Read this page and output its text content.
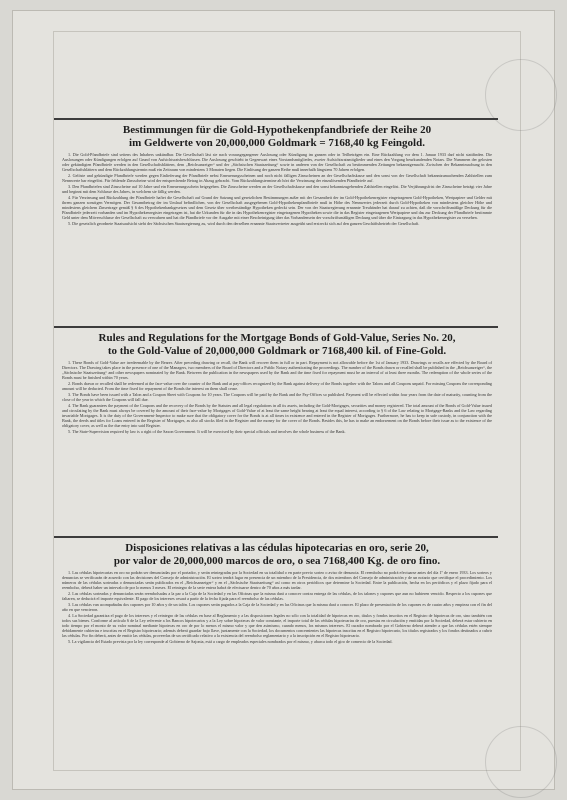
Bestimmungen für die Gold-Hypothekenpfandbriefe der Reihe 20
im Geldwerte von 20,000,000 Goldmark = 7168,40 kg Feingold.

1. Die Gold-Pfandbriefe sind seitens des Inhabers unkündbar. Die Gesellschaft läst sie nach vorausgegangener Auslosung oder Kündigung im ganzen oder in Teilbeträgen ein. Eine Rückzahlung vor dem 1. Januar 1933 darf nicht stattfinden. Die Auslosungen oder Kündigungen erfolgen auf Grund von Aufsichtsratsbeschlüssen. Die Auslosung geschieht in Gegenwart eines Vorstandsmitgliedes, zweier Aufsichtsratsmitglieder und eines den Vorgang beurkundenden Notars. Die Nummern der gelosten oder gekündigten Pfandbriefe werden in den Gesellschaftsblättern, dem „Reichsanzeiger“ und der „Sächsischen Staatszeitung“ sowie in anderen von der Gesellschaft zu bestimmenden Zeitungen bekanntgemacht. Zwischen der Bekanntmachung in den Gesellschaftsblättern und dem Rückzahlungstermin muß ein Zeitraum von mindestens 3 Monaten liegen. Die Einlösung der ganzen Reihe muß innerhalb längstens 70 Jahren erfolgen.

2. Gelöste und gekündigte Pfandbriefe werden gegen Einlieferung der Pfandbriefe nebst Erneuerungsscheinen und noch nicht fälligen Zinsscheinen an der Gesellschaftskasse und den sonst von der Gesellschaft bekanntzumachenden Zahlstellen zum Nennwerte bar eingelöst. Für fehlende Zinsscheine wird der entsprechende Betrag in Abzug gebracht. Vom Rückzahlungstermine ab hört die Verzinsung der einzulösenden Pfandbriefe auf.

3. Den Pfandbriefen sind Zinsscheine auf 10 Jahre und ein Erneuerungsschein beigegeben. Die Zinsscheine werden an der Gesellschaftskasse und den sonst bekanntzugebenden Zahlstellen eingelöst. Die Verjährungsfrist der Zinsscheine beträgt vier Jahre und beginnt mit dem Schlusse des Jahres, in welchem sie fällig werden.

4. Für Verzinsung und Rückzahlung der Pfandbriefe haftet die Gesellschaft auf Grund der Satzung und gesetzlichen Bestimmungen außer mit der Gesamtheit der im Gold-Hypothekenregister eingetragenen Gold-Hypotheken, Wertpapiere und Gelder mit ihrem ganzen sonstigen Vermögen. Der Gesamtbetrag der im Umlauf befindlichen, von der Gesellschaft ausgegebenen Gold-Hypothekenpfandbriefe muß in Höhe des Nennwertes jederzeit durch Gold-Hypotheken von mindestens gleicher Höhe und mindestens gleichem Zinsertrage gemäß § 6 des Hypothekenbankgesetzes und dem Gesetz über wertbeständige Hypotheken gedeckt sein. Der von der Staatsregierung ernannte Treuhänder hat darauf zu achten, daß die vorschriftsmäßige Deckung für die Pfandbriefe jederzeit vorhanden und im Hypothekenregister eingetragen ist, hat die Urkunden für die in das Hypothekenregister eingetragenen Hypotheken sowie die in das Register eingetragenen Wertpapiere und das zur Deckung der Pfandbriefe bestimmte Geld unter dem Mitverschlusse der Gesellschaft zu verwahren und hat die Pfandbriefe vor der Ausgabe mit einer Bescheinigung über das Vorhandensein der vorschriftsmäßigen Deckung und über die Eintragung in das Hypothekenregister zu versehen.

5. Die gesetzlich geordnete Staatsaufsicht steht der Sächsischen Staatsregierung zu, wird durch den derselben ernannte Staatsvertreter ausgeübt und erstreckt sich auf den ganzen Geschäftsbetrieb der Gesellschaft.

Rules and Regulations for the Mortgage Bonds of Gold-Value, Series No. 20,
to the Gold-Value of 20,000,000 Goldmark or 7168,400 kil. of Fine-Gold.

1. These Bonds of Gold-Value are irredeemable by the Bearer. After preceding drawing or recall, the Bank will recover them in full or in part. Repayment is not allowable before the 1st of January 1933. Drawings or recalls are effected by the Board of Directors. The Drawing takes place in the presence of one of the Managers, two members of the Board of Directors and a Public Notary authenticating the proceedings. The number of the Bonds drawn or recalled shall be published in the „Reichsanzeiger“, the „Sächsische Staatszeitung“ and other newspapers nominated by the Bank. Between the publication in the newspapers used by the Bank and the time fixed for repayment must be an interval of at least three months. The redemption of the whole series of the Bonds must be finished within 70 years.

2. Bonds drawn or recalled shall be redeemed at the face-value over the counter of the Bank and at pay-offices recognized by the Bank against delivery of the Bonds together with the Talons and all Coupons unpaid. For missing Coupons the corresponding amount will be deducted. From the time fixed for repayment of the Bonds the interest on them shall cease.

3. The Bonds have been issued with a Talon and a Coupon Sheet with Coupons for 10 years. The Coupons will be paid by the Bank and the Pay-Offices so published. Payment will be effected within four years from the date of maturity, counting from the close of the year in which the Coupons will fall due.

4. The Bank guarantees the payment of the Coupons and the recovery of the Bonds by the Statutes and all legal regulations in all its assets, including the Gold-Mortgages, securities and money registered. The total amount of the Bonds of Gold-Value issued and circulating by the Bank must always be covered by the amount of their face-value by Mortgages of Gold-Value of at least the same height bearing at least the equal interest, according to § 6 of the Law relating to Mortgage-Banks and the Law regarding invariable Mortgages. It is the duty of the Government-Inspector to make sure that the obligatory cover for the Bonds is at all times in existence and entered in the Register of Mortgages. Furthermore, he has to keep in safe custody, in conjunction with the Bank, the deeds and titles for Loans entered in the Register of Mortgages, as also all stocks filed in the Register and the money for the cover of the Bonds. Besides this, he has to make an endorsement on the Bonds before their issue as to the existence of the obligatory cover, as well as the due entry into said Register.

5. The State-Supervision required by law is a right of the Saxon Government. It will be exercised by their special officials and involves the whole business of the Bank.

Disposiciones relativas a las cédulas hipotecarias en oro, serie 20,
por valor de 20,000,000 marcos de oro, o sea 7168,400 Kg. de oro fino.

1. Las cédulas hipotecarias en oro no podrán ser denunciadas por el portador, y serán reintegradas por la Sociedad en su totalidad o en parte previo sorteo o aviso de denuncia. El reembolso no podrá efectuarse antes del día 1º de enero 1933. Los sorteos y denuncias se verificarán de acuerdo con las decisiones del Consejo de administración. El sorteo tendrá lugar en presencia de un miembro de la Presidencia, de dos miembros del Consejo de administración y de un notario que certifique el procedimiento. Los números de las cédulas sorteadas o denunciadas serán publicados en el „Reichsanzeiger“ y en el „Sächsische Staatszeitung“ así como en otros periódicos que determine la Sociedad. Entre la publicación, hecha en los periódicos y el plazo fijado para el reembolso, deberá haber un intervalo de por lo menos 3 meses. El reintegro de la serie entera habrá de efectuarse dentro de 70 años a más tardar.

2. Las cédulas sorteadas y denunciadas serán reembolsadas a la par a la Caja de la Sociedad y en las Oficinas que la misma dará a conocer contra entrega de las cédulas, de los talones y cupones que aun no hubieren vencido. Respecto a los cupones que faltaren, se deducirá el importe equivalente. El pago de los intereses cesará a partir de la fecha fijada para el reembolso de las cédulas.

3. Las cédulas van acompañadas dos cupones por 10 años y de un talón. Los cupones serán pagados a la Caja de la Sociedad y en las Oficinas que la misma dará a conocer. El plazo de presentación de los cupones es de cuatro años y empieza con el fin del año en que vencieron.

4. La Sociedad garantiza el pago de los intereses y el reintegro de las cédulas en base al Reglamento y a las disposiciones legales no sólo con la totalidad de hipotecas en oro, títulos y fondos inscritos en el Registro de hipotecas de oro, sino también con todos sus bienes. Conforme al artículo 6 de la Ley referente a los Bancos hipotecarios y a la Ley sobre hipotecas de valor constante, el importe total de las cédulas hipotecarias de oro, puestas en circulación y emitidas por la Sociedad, deberá estar cubierto en todo tiempo por el monto de su valor nominal mediante hipotecas en oro de por lo menos el mismo valor y que den asimismo, cuando menos, los mismos intereses. El curador nombrado por el Gobierno deberá atender a que las cédulas estén siempre debidamente cubiertas e inscritas en el Registro hipotecario; además deberá guardar bajo llave, juntamente con la Sociedad, los documentos concernientes las hipotecas inscritas en el Registro hipotecario, los títulos registrados y los fondos destinados a cubrir las cédulas. Por fin deberá, antes de emitir las cédulas, proveerlas de un certificado relativo a la existencia del reembolso reglamentario y a la inscripción en el Registro hipotecario.

5. La vigilancia del Estado prevista por la ley corresponde al Gobierno de Sajonia, está a cargo de empleados especiales nombrados por el mismo, y abarca todo el giro de comercio de la Sociedad.
